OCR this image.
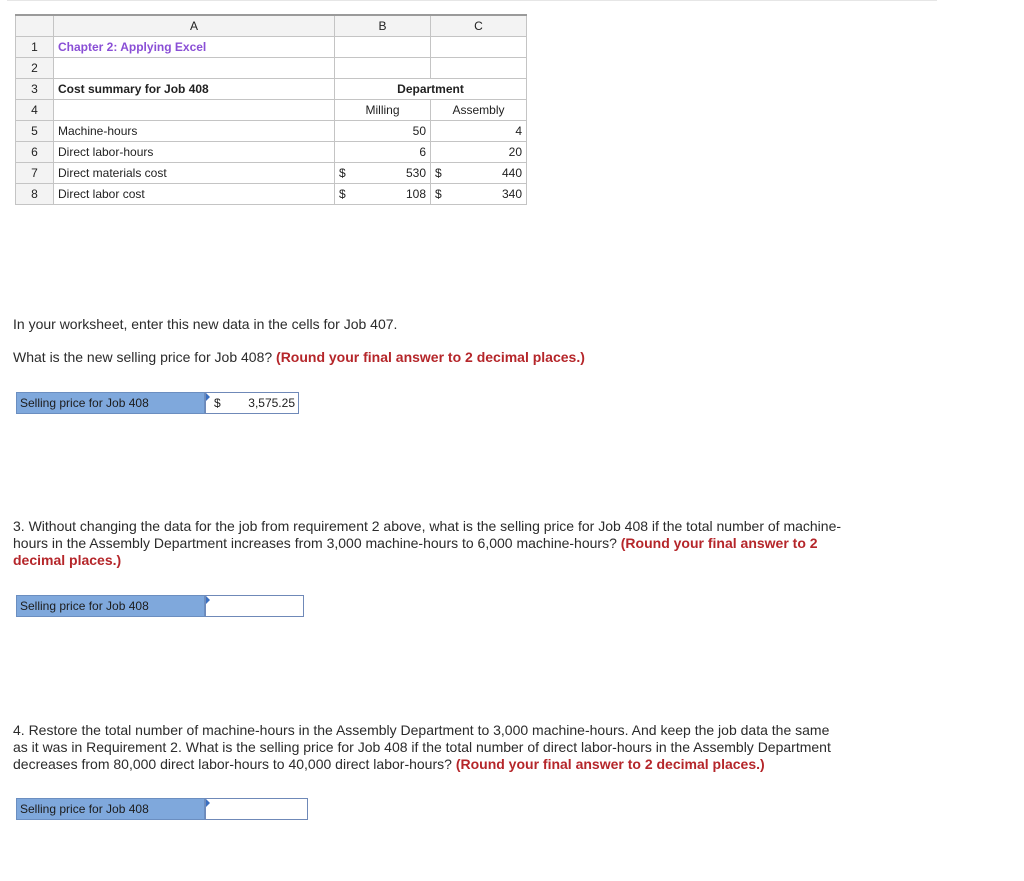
	A	B	C
1	Chapter 2: Applying Excel		
2			
3	Cost summary for Job 408	Department	
4		Milling	Assembly
5	Machine-hours	50	4
6	Direct labor-hours	6	20
7	Direct materials cost	$ 530	$ 440

8	Direct labor cost	$ 108	$ 340
In your worksheet, enter this new data in the cells for Job 407.
What is the new selling price for Job 408? (Round your final answer to 2 decimal places.)
Selling price for Job 408	$ 3,575.25
3. Without changing the data for the job from requirement 2 above, what is the selling price for Job 408 if the total number of machine-
hours in the Assembly Department increases from 3,000 machine-hours to 6,000 machine-hours? (Round your final answer to 2
decimal places.)
Selling price for Job 408
4. Restore the total number of machine-hours in the Assembly Department to 3,000 machine-hours. And keep the job data the same
as it was in Requirement 2. What is the selling price for Job 408 if the total number of direct labor-hours in the Assembly Department
decreases from 80,000 direct labor-hours to 40,000 direct labor-hours? (Round your final answer to 2 decimal places.)
Selling price for Job 408
